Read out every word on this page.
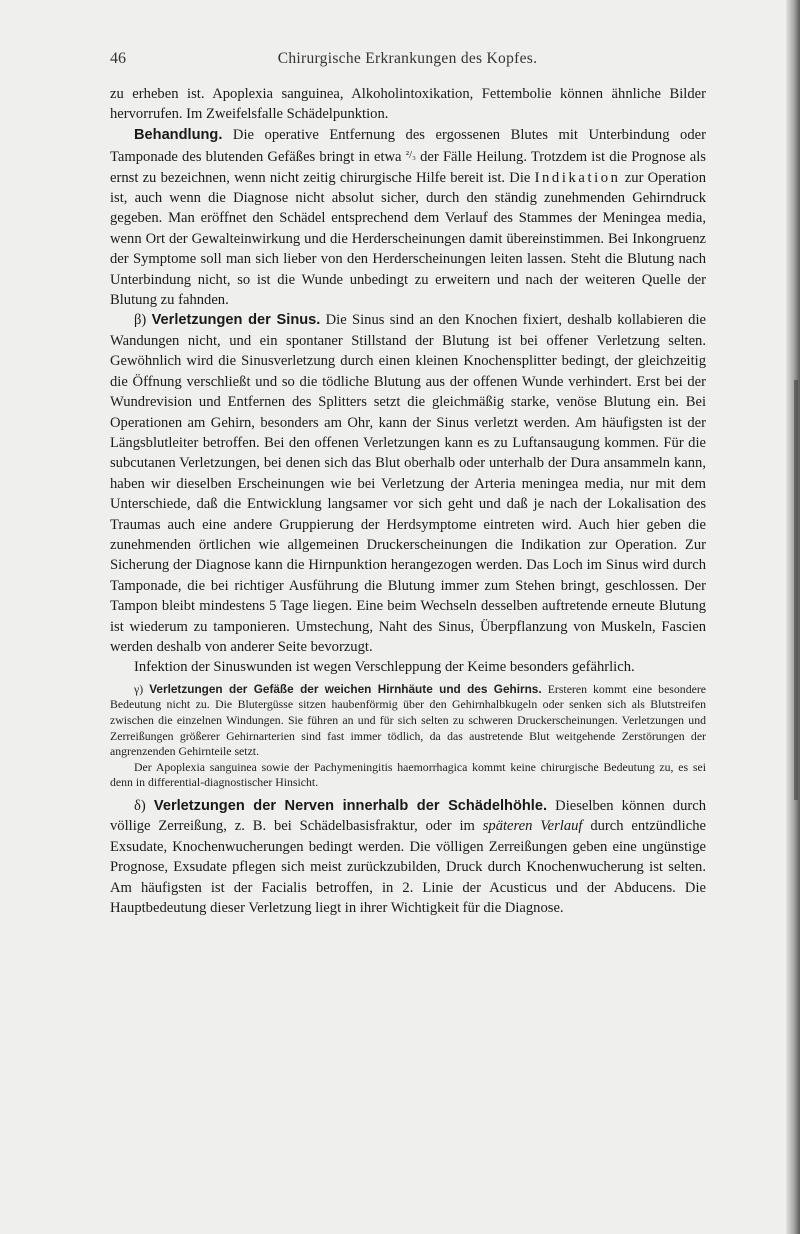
46	Chirurgische Erkrankungen des Kopfes.

zu erheben ist. Apoplexia sanguinea, Alkoholintoxikation, Fettembolie können ähnliche Bilder hervorrufen. Im Zweifelsfalle Schädelpunktion.

Behandlung. Die operative Entfernung des ergossenen Blutes mit Unterbindung oder Tamponade des blutenden Gefäßes bringt in etwa $^{^2/_3}$ der Fälle Heilung. Trotzdem ist die Prognose als ernst zu bezeichnen, wenn nicht zeitig chirurgische Hilfe bereit ist. Die Indikation zur Operation ist, auch wenn die Diagnose nicht absolut sicher, durch den ständig zunehmenden Gehirndruck gegeben. Man eröffnet den Schädel entsprechend dem Verlauf des Stammes der Meningea media, wenn Ort der Gewalteinwirkung und die Herderscheinungen damit übereinstimmen. Bei Inkongruenz der Symptome soll man sich lieber von den Herderscheinungen leiten lassen. Steht die Blutung nach Unterbindung nicht, so ist die Wunde unbedingt zu erweitern und nach der weiteren Quelle der Blutung zu fahnden.

β) Verletzungen der Sinus. Die Sinus sind an den Knochen fixiert, deshalb kollabieren die Wandungen nicht, und ein spontaner Stillstand der Blutung ist bei offener Verletzung selten. Gewöhnlich wird die Sinusverletzung durch einen kleinen Knochensplitter bedingt, der gleichzeitig die Öffnung verschließt und so die tödliche Blutung aus der offenen Wunde verhindert. Erst bei der Wundrevision und Entfernen des Splitters setzt die gleichmäßig starke, venöse Blutung ein. Bei Operationen am Gehirn, besonders am Ohr, kann der Sinus verletzt werden. Am häufigsten ist der Längsblutleiter betroffen. Bei den offenen Verletzungen kann es zu Luftansaugung kommen. Für die subcutanen Verletzungen, bei denen sich das Blut oberhalb oder unterhalb der Dura ansammeln kann, haben wir dieselben Erscheinungen wie bei Verletzung der Arteria meningea media, nur mit dem Unterschiede, daß die Entwicklung langsamer vor sich geht und daß je nach der Lokalisation des Traumas auch eine andere Gruppierung der Herdsymptome eintreten wird. Auch hier geben die zunehmenden örtlichen wie allgemeinen Druckerscheinungen die Indikation zur Operation. Zur Sicherung der Diagnose kann die Hirnpunktion herangezogen werden. Das Loch im Sinus wird durch Tamponade, die bei richtiger Ausführung die Blutung immer zum Stehen bringt, geschlossen. Der Tampon bleibt mindestens 5 Tage liegen. Eine beim Wechseln desselben auftretende erneute Blutung ist wiederum zu tamponieren. Umstechung, Naht des Sinus, Überpflanzung von Muskeln, Fascien werden deshalb von anderer Seite bevorzugt.

Infektion der Sinuswunden ist wegen Verschleppung der Keime besonders gefährlich.

γ) Verletzungen der Gefäße der weichen Hirnhäute und des Gehirns. Ersteren kommt eine besondere Bedeutung nicht zu. Die Blutergüsse sitzen haubenförmig über den Gehirnhalbkugeln oder senken sich als Blutstreifen zwischen die einzelnen Windungen. Sie führen an und für sich selten zu schweren Druckerscheinungen. Verletzungen und Zerreißungen größerer Gehirnarterien sind fast immer tödlich, da das austretende Blut weitgehende Zerstörungen der angrenzenden Gehirnteile setzt.

Der Apoplexia sanguinea sowie der Pachymeningitis haemorrhagica kommt keine chirurgische Bedeutung zu, es sei denn in differential-diagnostischer Hinsicht.

δ) Verletzungen der Nerven innerhalb der Schädelhöhle. Dieselben können durch völlige Zerreißung, z. B. bei Schädelbasisfraktur, oder im späteren Verlauf durch entzündliche Exsudate, Knochenwucherungen bedingt werden. Die völligen Zerreißungen geben eine ungünstige Prognose, Exsudate pflegen sich meist zurückzubilden, Druck durch Knochenwucherung ist selten. Am häufigsten ist der Facialis betroffen, in 2. Linie der Acusticus und der Abducens. Die Hauptbedeutung dieser Verletzung liegt in ihrer Wichtigkeit für die Diagnose.
